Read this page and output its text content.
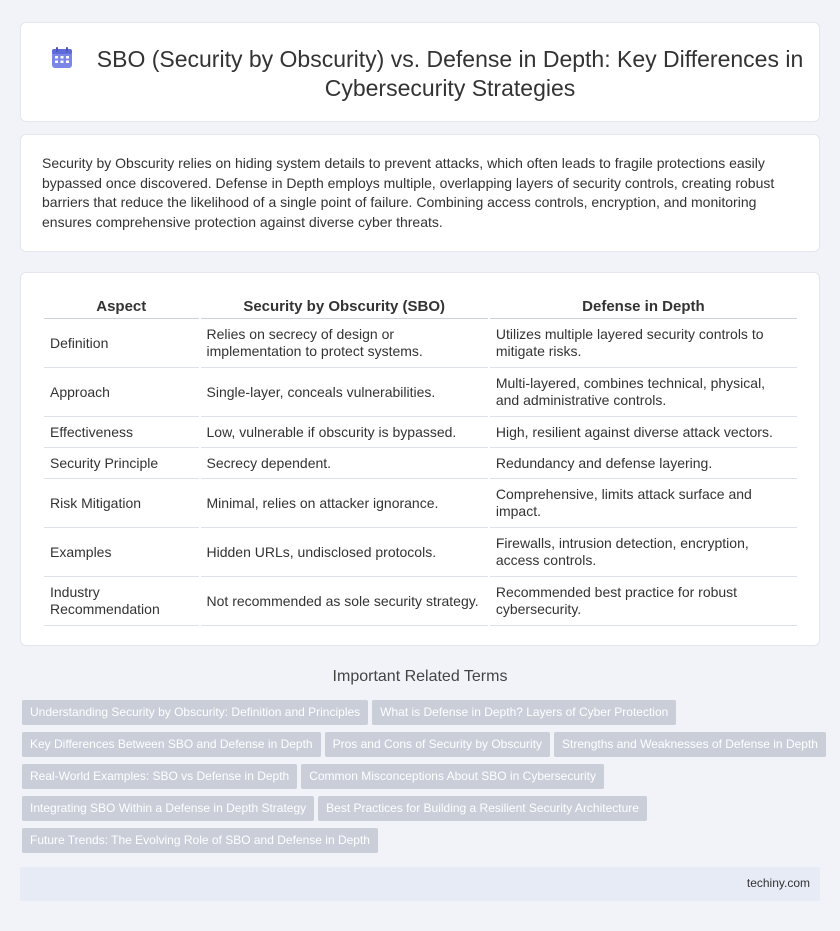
SBO (Security by Obscurity) vs. Defense in Depth: Key Differences in Cybersecurity Strategies

Security by Obscurity relies on hiding system details to prevent attacks, which often leads to fragile protections easily bypassed once discovered. Defense in Depth employs multiple, overlapping layers of security controls, creating robust barriers that reduce the likelihood of a single point of failure. Combining access controls, encryption, and monitoring ensures comprehensive protection against diverse cyber threats.

Aspect	Security by Obscurity (SBO)	Defense in Depth
Definition	Relies on secrecy of design or implementation to protect systems.	Utilizes multiple layered security controls to mitigate risks.
Approach	Single-layer, conceals vulnerabilities.	Multi-layered, combines technical, physical, and administrative controls.
Effectiveness	Low, vulnerable if obscurity is bypassed.	High, resilient against diverse attack vectors.
Security Principle	Secrecy dependent.	Redundancy and defense layering.
Risk Mitigation	Minimal, relies on attacker ignorance.	Comprehensive, limits attack surface and impact.
Examples	Hidden URLs, undisclosed protocols.	Firewalls, intrusion detection, encryption, access controls.
Industry Recommendation	Not recommended as sole security strategy.	Recommended best practice for robust cybersecurity.
Important Related Terms
Understanding Security by Obscurity: Definition and Principles What is Defense in Depth? Layers of Cyber Protection
Key Differences Between SBO and Defense in Depth Pros and Cons of Security by Obscurity Strengths and Weaknesses of Defense in Depth
Real-World Examples: SBO vs Defense in Depth Common Misconceptions About SBO in Cybersecurity
Integrating SBO Within a Defense in Depth Strategy Best Practices for Building a Resilient Security Architecture
Future Trends: The Evolving Role of SBO and Defense in Depth
techiny.com
